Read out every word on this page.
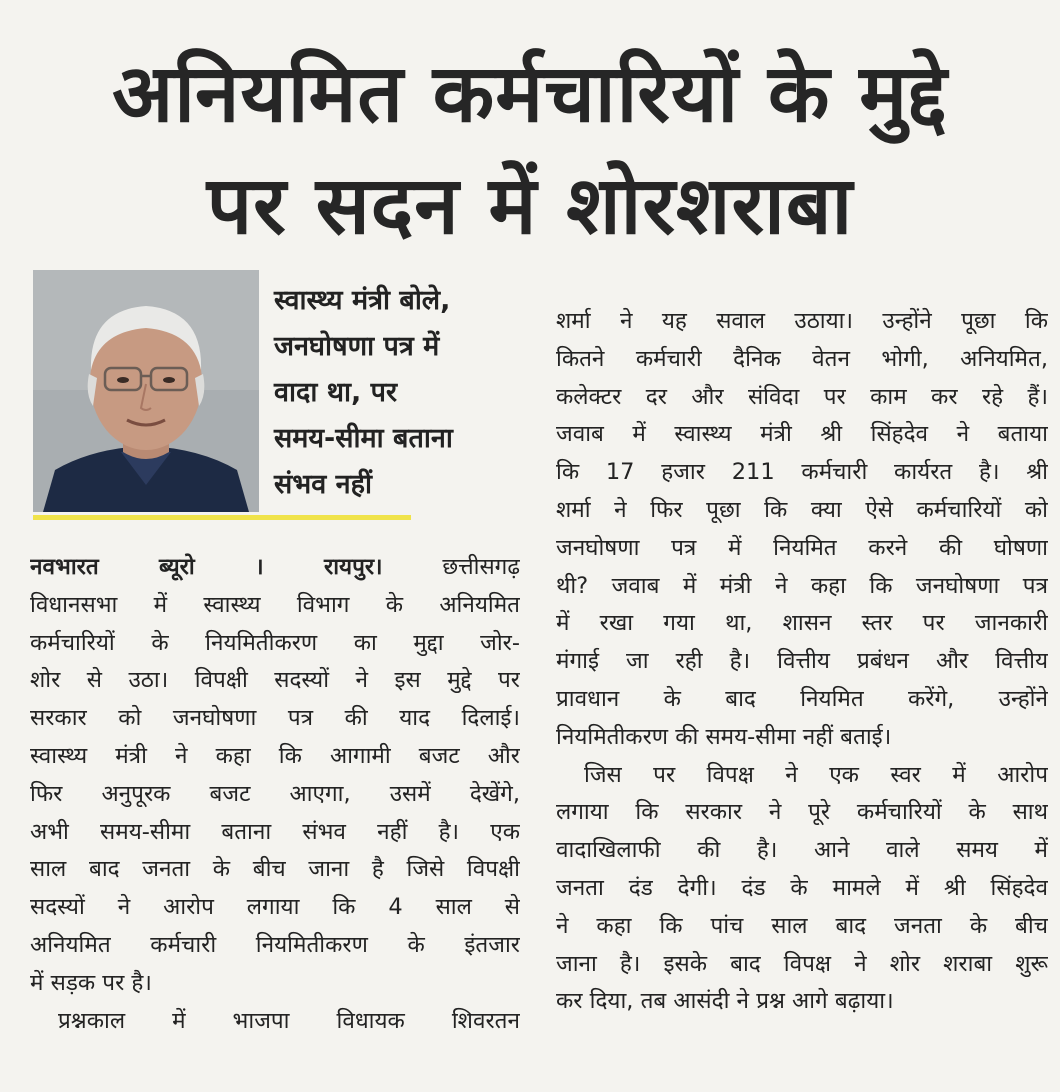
अनियमित कर्मचारियों के मुद्दे
पर सदन में शोरशराबा
स्वास्थ्य मंत्री बोले,
जनघोषणा पत्र में
वादा था, पर
समय-सीमा बताना
संभव नहीं
नवभारत ब्यूरो । रायपुर।	छत्तीसगढ़
विधानसभा में स्वास्थ्य विभाग के अनियमित
कर्मचारियों के नियमितीकरण का मुद्दा जोर-
शोर से उठा। विपक्षी सदस्यों ने इस मुद्दे पर
सरकार को जनघोषणा पत्र की याद दिलाई।
स्वास्थ्य मंत्री ने कहा कि आगामी बजट और
फिर अनुपूरक बजट आएगा, उसमें देखेंगे,
अभी समय-सीमा बताना संभव नहीं है। एक
साल बाद जनता के बीच जाना है जिसे विपक्षी
सदस्यों ने आरोप लगाया कि 4 साल से
अनियमित कर्मचारी नियमितीकरण के इंतजार
में सड़क पर है।
प्रश्नकाल में भाजपा विधायक शिवरतन
शर्मा ने यह सवाल उठाया। उन्होंने पूछा कि
कितने कर्मचारी दैनिक वेतन भोगी, अनियमित,
कलेक्टर दर और संविदा पर काम कर रहे हैं।
जवाब में स्वास्थ्य मंत्री श्री सिंहदेव ने बताया
कि 17 हजार 211 कर्मचारी कार्यरत है। श्री
शर्मा ने फिर पूछा कि क्या ऐसे कर्मचारियों को
जनघोषणा पत्र में नियमित करने की घोषणा
थी? जवाब में मंत्री ने कहा कि जनघोषणा पत्र
में रखा गया था, शासन स्तर पर जानकारी
मंगाई जा रही है। वित्तीय प्रबंधन और वित्तीय
प्रावधान के बाद नियमित करेंगे, उन्होंने
नियमितीकरण की समय-सीमा नहीं बताई।
जिस पर विपक्ष ने एक स्वर में आरोप
लगाया कि सरकार ने पूरे कर्मचारियों के साथ
वादाखिलाफी की है। आने वाले समय में
जनता दंड देगी। दंड के मामले में श्री सिंहदेव
ने कहा कि पांच साल बाद जनता के बीच
जाना है। इसके बाद विपक्ष ने शोर शराबा शुरू
कर दिया, तब आसंदी ने प्रश्न आगे बढ़ाया।
